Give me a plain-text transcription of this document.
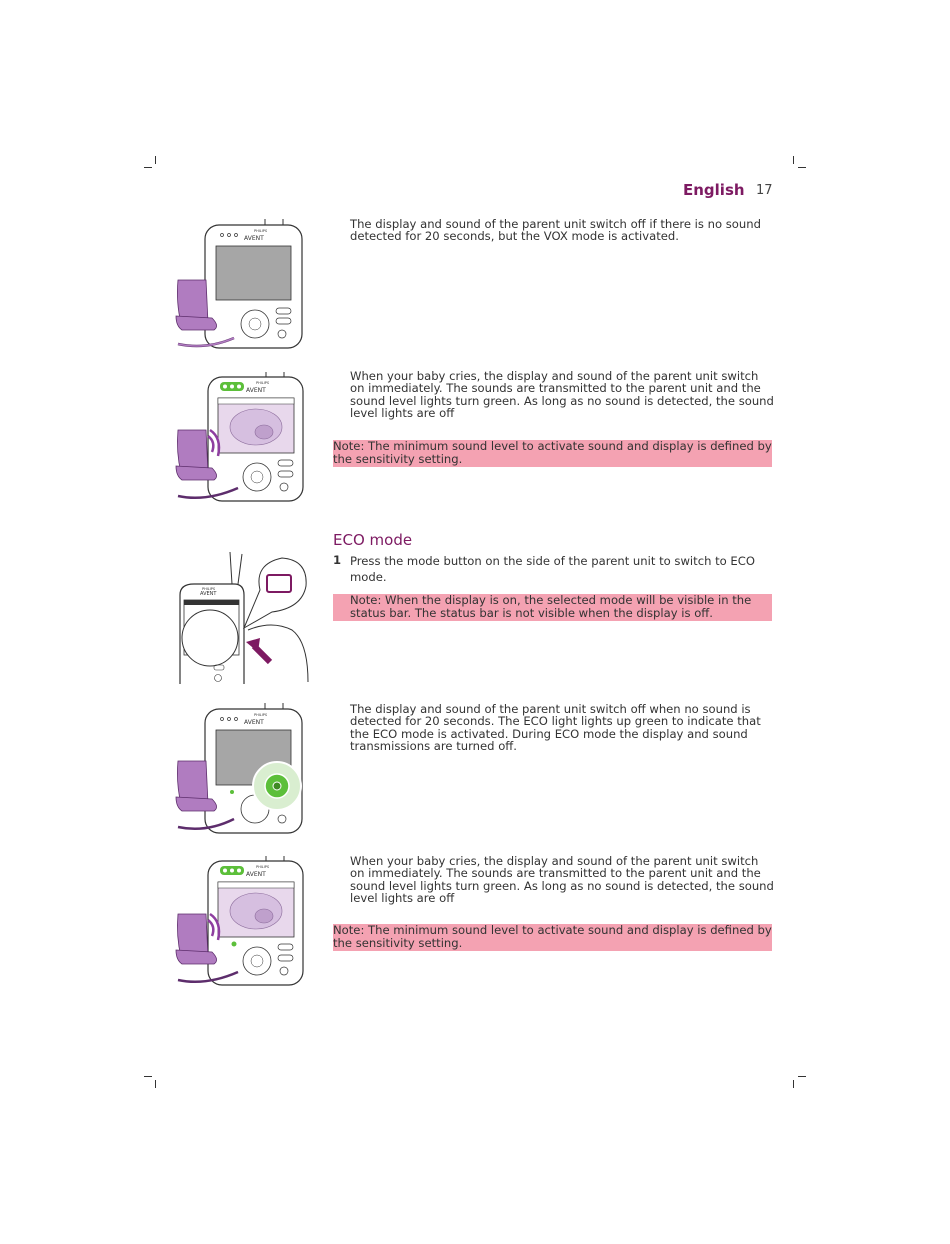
English 17
PHILIPS
AVENT
The display and sound of the parent unit switch off if there is no sound detected for 20 seconds, but the VOX mode is activated.
PHILIPS
AVENT
When your baby cries, the display and sound of the parent unit switch on immediately. The sounds are transmitted to the parent unit and the sound level lights turn green. As long as no sound is detected, the sound level lights are off
Note: The minimum sound level to activate sound and display is defined by the sensitivity setting.
ECO mode
1 Press the mode button on the side of the parent unit to switch to ECO mode.
Note: When the display is on, the selected mode will be visible in the status bar. The status bar is not visible when the display is off.
PHILIPS
AVENT
PHILIPS
AVENT
The display and sound of the parent unit switch off when no sound is detected for 20 seconds. The ECO light lights up green to indicate that the ECO mode is activated. During ECO mode the display and sound transmissions are turned off.
PHILIPS
AVENT
When your baby cries, the display and sound of the parent unit switch on immediately. The sounds are transmitted to the parent unit and the sound level lights turn green. As long as no sound is detected, the sound level lights are off
Note: The minimum sound level to activate sound and display is defined by the sensitivity setting.
